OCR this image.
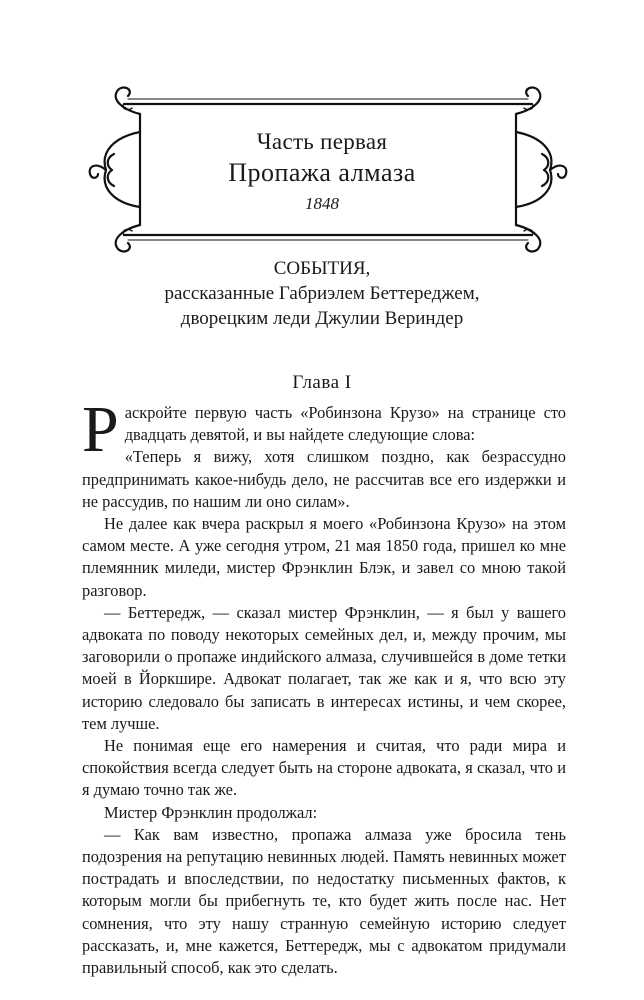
Часть первая
Пропажа алмаза
1848
СОБЫТИЯ,
рассказанные Габриэлем Беттереджем,
дворецким леди Джулии Вериндер
Глава I

Раскройте первую часть «Робинзона Крузо» на странице сто двадцать девятой, и вы найдете следующие слова:

«Теперь я вижу, хотя слишком поздно, как безрассудно предпринимать какое-нибудь дело, не рассчитав все его издержки и не рассудив, по нашим ли оно силам».

Не далее как вчера раскрыл я моего «Робинзона Крузо» на этом самом месте. А уже сегодня утром, 21 мая 1850 года, пришел ко мне племянник миледи, мистер Фрэнклин Блэк, и завел со мною такой разговор.

— Беттередж, — сказал мистер Фрэнклин, — я был у вашего адвоката по поводу некоторых семейных дел, и, между прочим, мы заговорили о пропаже индийского алмаза, случившейся в доме тетки моей в Йоркшире. Адвокат полагает, так же как и я, что всю эту историю следовало бы записать в интересах истины, и чем скорее, тем лучше.

Не понимая еще его намерения и считая, что ради мира и спокойствия всегда следует быть на стороне адвоката, я сказал, что и я думаю точно так же.

Мистер Фрэнклин продолжал:

— Как вам известно, пропажа алмаза уже бросила тень подозрения на репутацию невинных людей. Память невинных может пострадать и впоследствии, по недостатку письменных фактов, к которым могли бы прибегнуть те, кто будет жить после нас. Нет сомнения, что эту нашу странную семейную историю следует рассказать, и, мне кажется, Беттередж, мы с адвокатом придумали правильный способ, как это сделать.
